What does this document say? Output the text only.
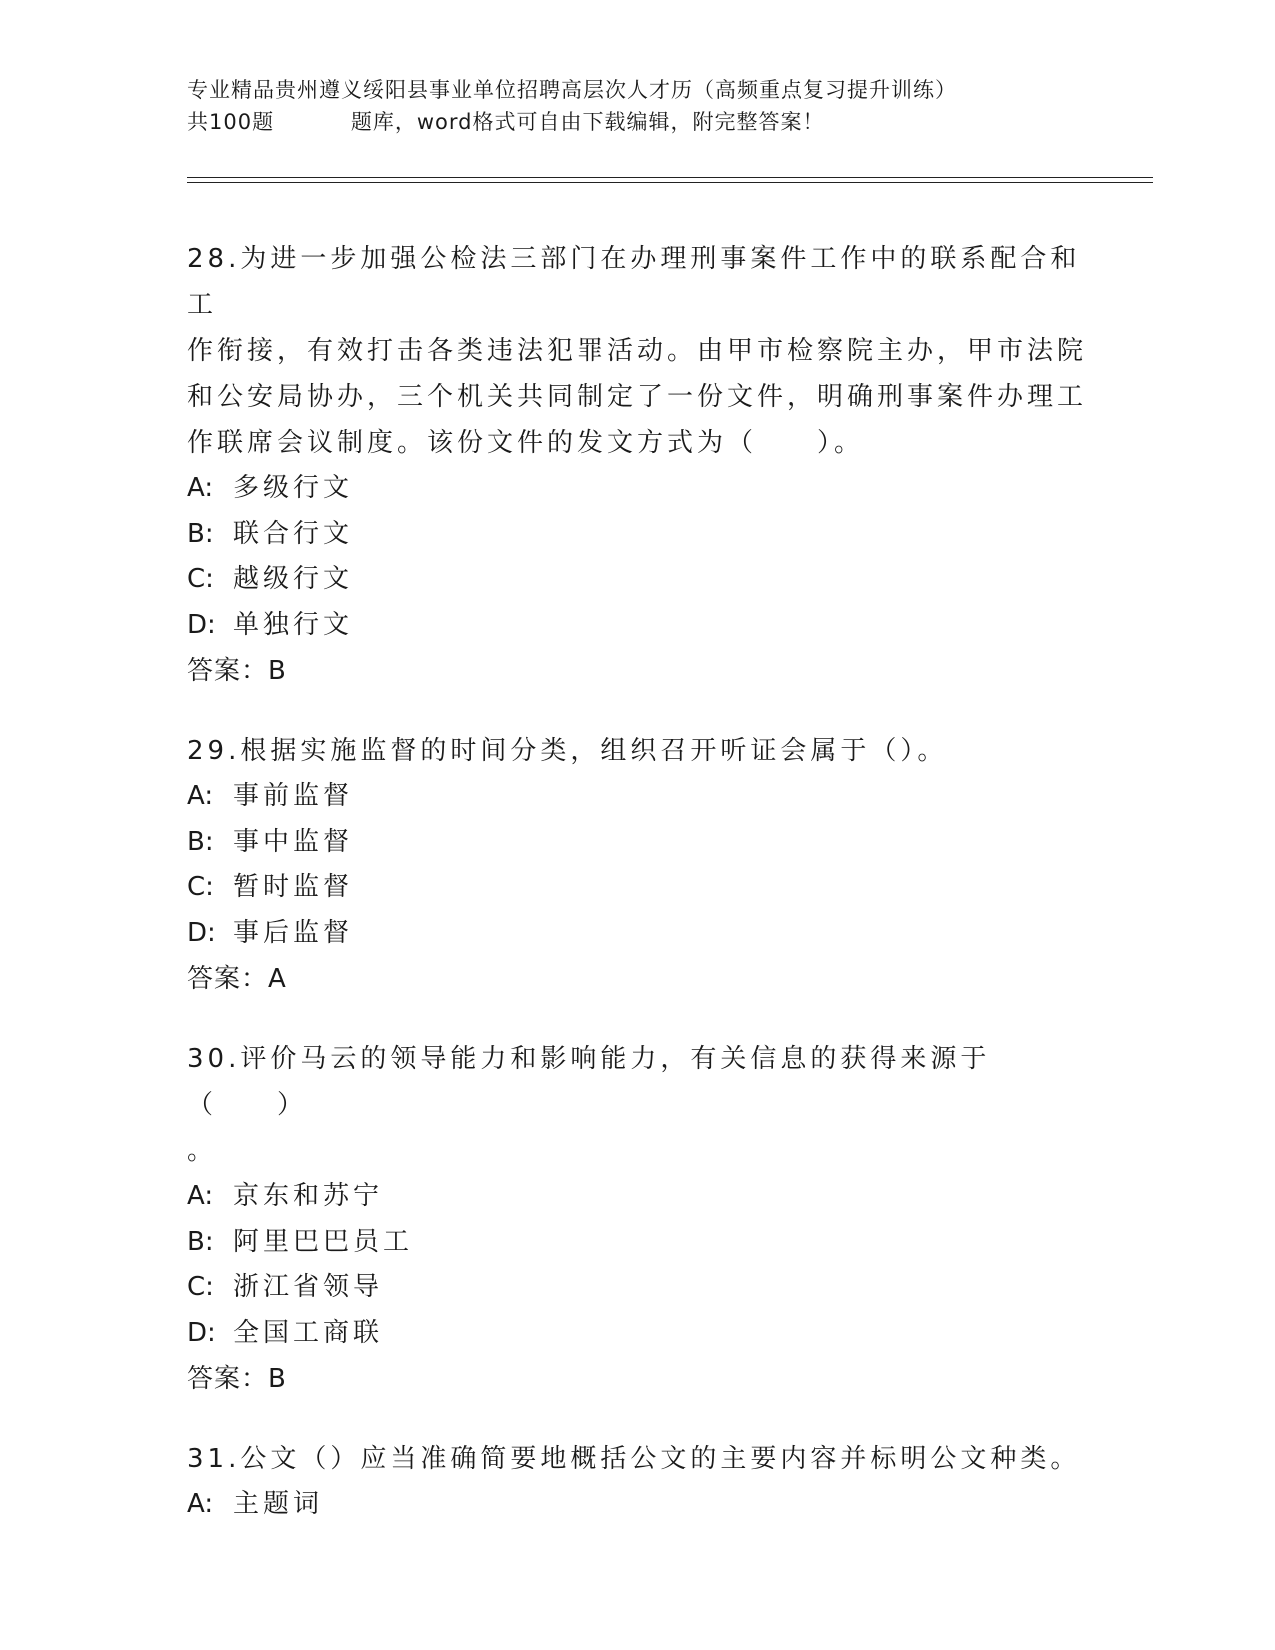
专业精品贵州遵义绥阳县事业单位招聘高层次人才历（高频重点复习提升训练）
共100题          题库，word格式可自由下载编辑，附完整答案！
28.为进一步加强公检法三部门在办理刑事案件工作中的联系配合和工
作衔接，有效打击各类违法犯罪活动。由甲市检察院主办，甲市法院
和公安局协办，三个机关共同制定了一份文件，明确刑事案件办理工
作联席会议制度。该份文件的发文方式为（　　）。
A: 多级行文
B: 联合行文
C: 越级行文
D: 单独行文
答案：B
29.根据实施监督的时间分类，组织召开听证会属于（）。
A: 事前监督
B: 事中监督
C: 暂时监督
D: 事后监督
答案：A
30.评价马云的领导能力和影响能力，有关信息的获得来源于（　　）
。
A: 京东和苏宁
B: 阿里巴巴员工
C: 浙江省领导
D: 全国工商联
答案：B
31.公文（）应当准确简要地概括公文的主要内容并标明公文种类。
A: 主题词
